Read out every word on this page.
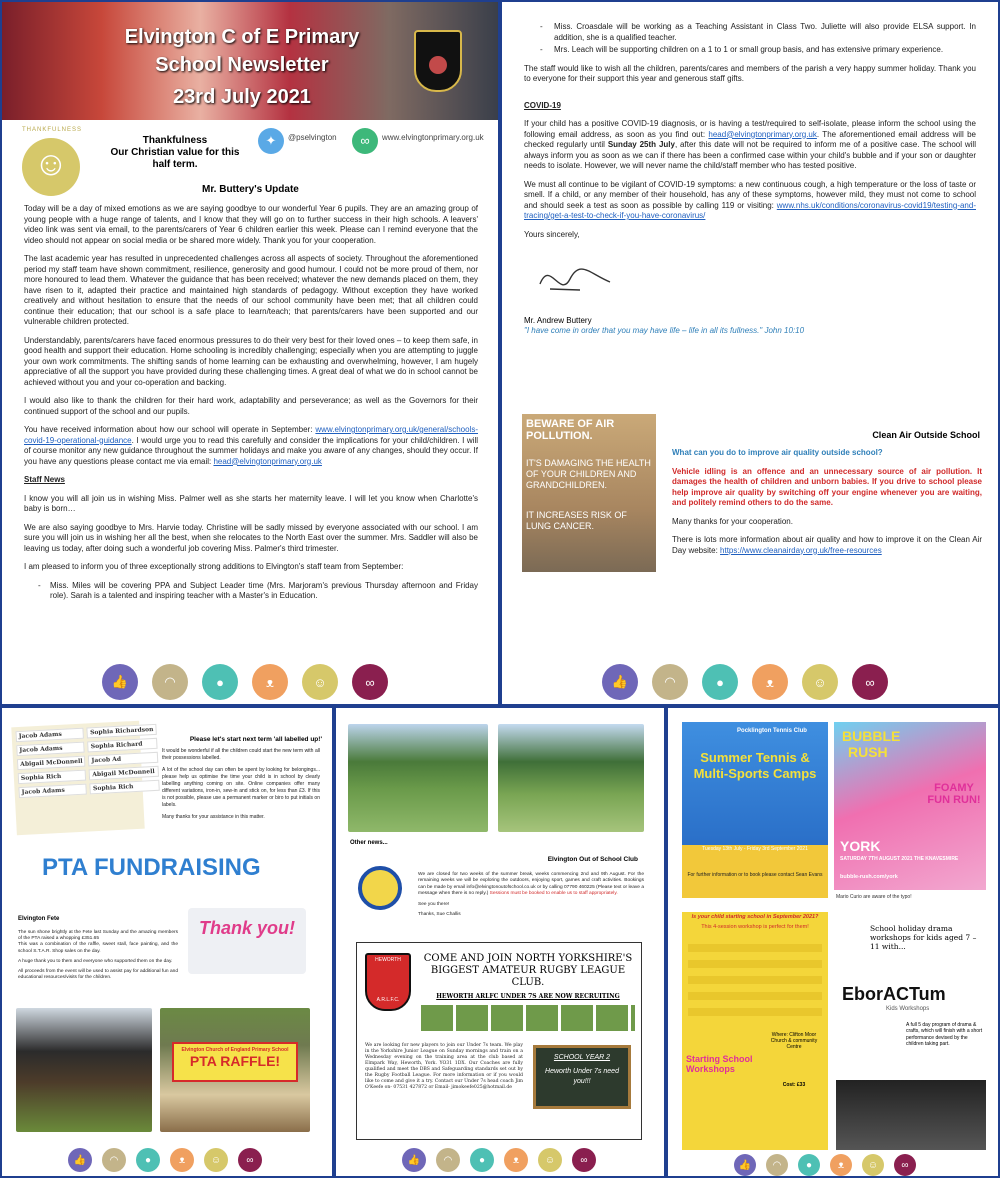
Elvington C of E Primary
School Newsletter
23rd July 2021
THANKFULNESS
☺
Thankfulness
Our Christian value for this half term.
✦	@pselvington	∞	www.elvingtonprimary.org.uk
Mr. Buttery's Update

Today will be a day of mixed emotions as we are saying goodbye to our wonderful Year 6 pupils. They are an amazing group of young people with a huge range of talents, and I know that they will go on to further success in their high schools. A leavers' video link was sent via email, to the parents/carers of Year 6 children earlier this week. Please can I remind everyone that the video should not appear on social media or be shared more widely. Thank you for your cooperation.

The last academic year has resulted in unprecedented challenges across all aspects of society. Throughout the aforementioned period my staff team have shown commitment, resilience, generosity and good humour. I could not be more proud of them, nor more honoured to lead them. Whatever the guidance that has been received; whatever the new demands placed on them, they have risen to it, adapted their practice and maintained high standards of pedagogy. Without exception they have worked creatively and without hesitation to ensure that the needs of our school community have been met; that all children could continue their education; that our school is a safe place to learn/teach; that parents/carers have been supported and our vulnerable children protected.

Understandably, parents/carers have faced enormous pressures to do their very best for their loved ones – to keep them safe, in good health and support their education. Home schooling is incredibly challenging; especially when you are attempting to juggle your own work commitments. The shifting sands of home learning can be exhausting and overwhelming, however, I am hugely appreciative of all the support you have provided during these challenging times. A great deal of what we do in school cannot be achieved without you and your co-operation and backing.

I would also like to thank the children for their hard work, adaptability and perseverance; as well as the Governors for their continued support of the school and our pupils.

You have received information about how our school will operate in September: www.elvingtonprimary.org.uk/general/schools-covid-19-operational-guidance. I would urge you to read this carefully and consider the implications for your child/children. I will of course monitor any new guidance throughout the summer holidays and make you aware of any changes, should they occur. If you have any questions please contact me via email: head@elvingtonprimary.org.uk

Staff News

I know you will all join us in wishing Miss. Palmer well as she starts her maternity leave. I will let you know when Charlotte's baby is born…

We are also saying goodbye to Mrs. Harvie today. Christine will be sadly missed by everyone associated with our school. I am sure you will join us in wishing her all the best, when she relocates to the North East over the summer. Mrs. Saddler will also be leaving us today, after doing such a wonderful job covering Miss. Palmer's third trimester.

I am pleased to inform you of three exceptionally strong additions to Elvington's staff team from September:

- Miss. Miles will be covering PPA and Subject Leader time (Mrs. Marjoram's previous Thursday afternoon and Friday role). Sarah is a talented and inspiring teacher with a Master's in Education.

👍	◠	●	ᴥ	☺	∞

- Miss. Croasdale will be working as a Teaching Assistant in Class Two. Juliette will also provide ELSA support. In addition, she is a qualified teacher.

- Mrs. Leach will be supporting children on a 1 to 1 or small group basis, and has extensive primary experience.

The staff would like to wish all the children, parents/cares and members of the parish a very happy summer holiday. Thank you to everyone for their support this year and generous staff gifts.

COVID-19

If your child has a positive COVID-19 diagnosis, or is having a test/required to self-isolate, please inform the school using the following email address, as soon as you find out: head@elvingtonprimary.org.uk. The aforementioned email address will be checked regularly until Sunday 25th July, after this date will not be required to inform me of a positive case. The school will always inform you as soon as we can if there has been a confirmed case within your child's bubble and if your son or daughter needs to isolate. However, we will never name the child/staff member who has tested positive.

We must all continue to be vigilant of COVID-19 symptoms: a new continuous cough, a high temperature or the loss of taste or smell. If a child, or any member of their household, has any of these symptoms, however mild, they must not come to school and should seek a test as soon as possible by calling 119 or visiting: www.nhs.uk/conditions/coronavirus-covid19/testing-and-tracing/get-a-test-to-check-if-you-have-coronavirus/

Yours sincerely,

Mr. Andrew Buttery
"I have come in order that you may have life – life in all its fullness." John 10:10
BEWARE OF AIR POLLUTION.
IT'S DAMAGING THE HEALTH OF YOUR CHILDREN AND GRANDCHILDREN.
IT INCREASES RISK OF LUNG CANCER.
Clean Air Outside School

What can you do to improve air quality outside school?

Vehicle idling is an offence and an unnecessary source of air pollution. It damages the health of children and unborn babies. If you drive to school please help improve air quality by switching off your engine whenever you are waiting, and politely remind others to do the same.

Many thanks for your cooperation.

There is lots more information about air quality and how to improve it on the Clean Air Day website: https://www.cleanairday.org.uk/free-resources

👍	◠	●	ᴥ	☺	∞
Jacob Adams	Sophia Richardson
Jacob Adams	Sophia Richard
Abigail McDonnell	Jacob Ad
Sophia Rich	Abigail McDonnell
Jacob Adams	Sophia Rich
Please let's start next term 'all labelled up!'

It would be wonderful if all the children could start the new term with all their possessions labelled.

A lot of the school day can often be spent by looking for belongings... please help us optimise the time your child is in school by clearly labelling anything coming on site. Online companies offer many different variations, iron-in, sew-in and stick on, for less than £3. If this is not possible, please use a permanent marker or biro to put initials on labels.

Many thanks for your assistance in this matter.

PTA FUNDRAISING
Elvington Fete

The sun shone brightly at the Fete last Sunday and the amazing members of the PTA raised a whopping £351.65

This was a combination of the raffle, sweet stall, face painting, and the school S.T.A.R. Shop sales on the day.

A huge thank you to them and everyone who supported them on the day.

All proceeds from the event will be used to assist pay for additional fun and educational resources/visits for the children.

Thank you!
Elvington Church of England Primary School
PTA RAFFLE!
👍	◠	●	ᴥ	☺	∞
Other news...
Elvington Out of School Club

We are closed for two weeks of the summer break, weeks commencing 2nd and 9th August. For the remaining weeks we will be exploring the outdoors, enjoying sport, games and craft activities. Bookings can be made by email info@elvingtonoutofschool.co.uk or by calling 07790 460225 (Please text or leave a message when there is no reply.) Sessions must be booked to enable us to staff appropriately.

See you there!

Thanks, Sue Challis

HEWORTH
A.R.L.F.C.
COME AND JOIN NORTH YORKSHIRE'S BIGGEST AMATEUR RUGBY LEAGUE CLUB.
HEWORTH ARLFC UNDER 7S ARE NOW RECRUITING
We are looking for new players to join our Under 7s team. We play in the Yorkshire Junior League on Sunday mornings and train on a Wednesday evening on the training area at the club based at Elmpark Way, Heworth, York. YO31 1DX. Our Coaches are fully qualified and meet the DBS and Safeguarding standards set out by the Rugby Football League. For more information or if you would like to come and give it a try. Contact our Under 7s head coach Jim O'Keefe on- 07531 427872 or Email- jimokeefe025@hotmail.de
SCHOOL YEAR 2
Heworth Under 7s need you!!!
👍	◠	●	ᴥ	☺	∞
Pocklington Tennis Club
Summer Tennis & Multi-Sports Camps
Tuesday 13th July - Friday 3rd September 2021
For further information or to book please contact Sean Evans
BUBBLE
RUSH
FOAMY FUN RUN!
YORK
SATURDAY 7TH AUGUST 2021 THE KNAVESMIRE
bubble-rush.com/york
Mario Curio are aware of the typo!
Is your child starting school in September 2021?
This 4-session workshop is perfect for them!
Starting School Workshops
Where: Clifton Moor Church & community Centre
Cost: £33
School holiday drama workshops for kids aged 7 – 11 with...
EborACTum
Kids Workshops
A full 5 day program of drama & crafts, which will finish with a short performance devised by the children taking part.
👍	◠	●	ᴥ	☺	∞
